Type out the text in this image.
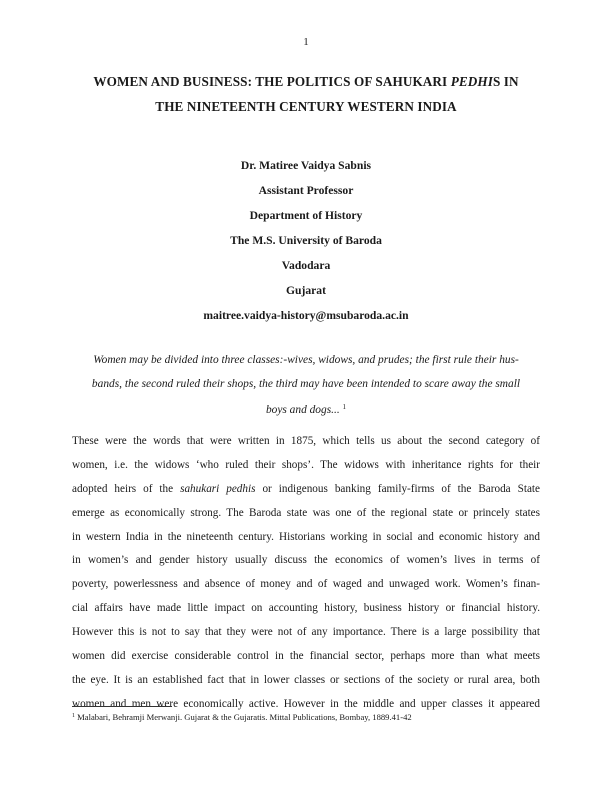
1
WOMEN AND BUSINESS: THE POLITICS OF SAHUKARI PEDHIS IN
THE NINETEENTH CENTURY WESTERN INDIA
Dr. Matiree Vaidya Sabnis
Assistant Professor
Department of History
The M.S. University of Baroda
Vadodara
Gujarat
maitree.vaidya-history@msubaroda.ac.in
Women may be divided into three classes:-wives, widows, and prudes; the first rule their hus-
bands, the second ruled their shops, the third may have been intended to scare away the small
boys and dogs... $^1$
These were the words that were written in 1875, which tells us about the second category of
women, i.e. the widows ‘who ruled their shops’. The widows with inheritance rights for their
adopted heirs of the sahukari pedhis or indigenous banking family-firms of the Baroda State
emerge as economically strong. The Baroda state was one of the regional state or princely states
in western India in the nineteenth century. Historians working in social and economic history and
in women’s and gender history usually discuss the economics of women’s lives in terms of
poverty, powerlessness and absence of money and of waged and unwaged work. Women’s finan-
cial affairs have made little impact on accounting history, business history or financial history.
However this is not to say that they were not of any importance. There is a large possibility that
women did exercise considerable control in the financial sector, perhaps more than what meets
the eye. It is an established fact that in lower classes or sections of the society or rural area, both
women and men were economically active. However in the middle and upper classes it appeared
$^1$ Malabari, Behramji Merwanji. Gujarat & the Gujaratis. Mittal Publications, Bombay, 1889.41-42
